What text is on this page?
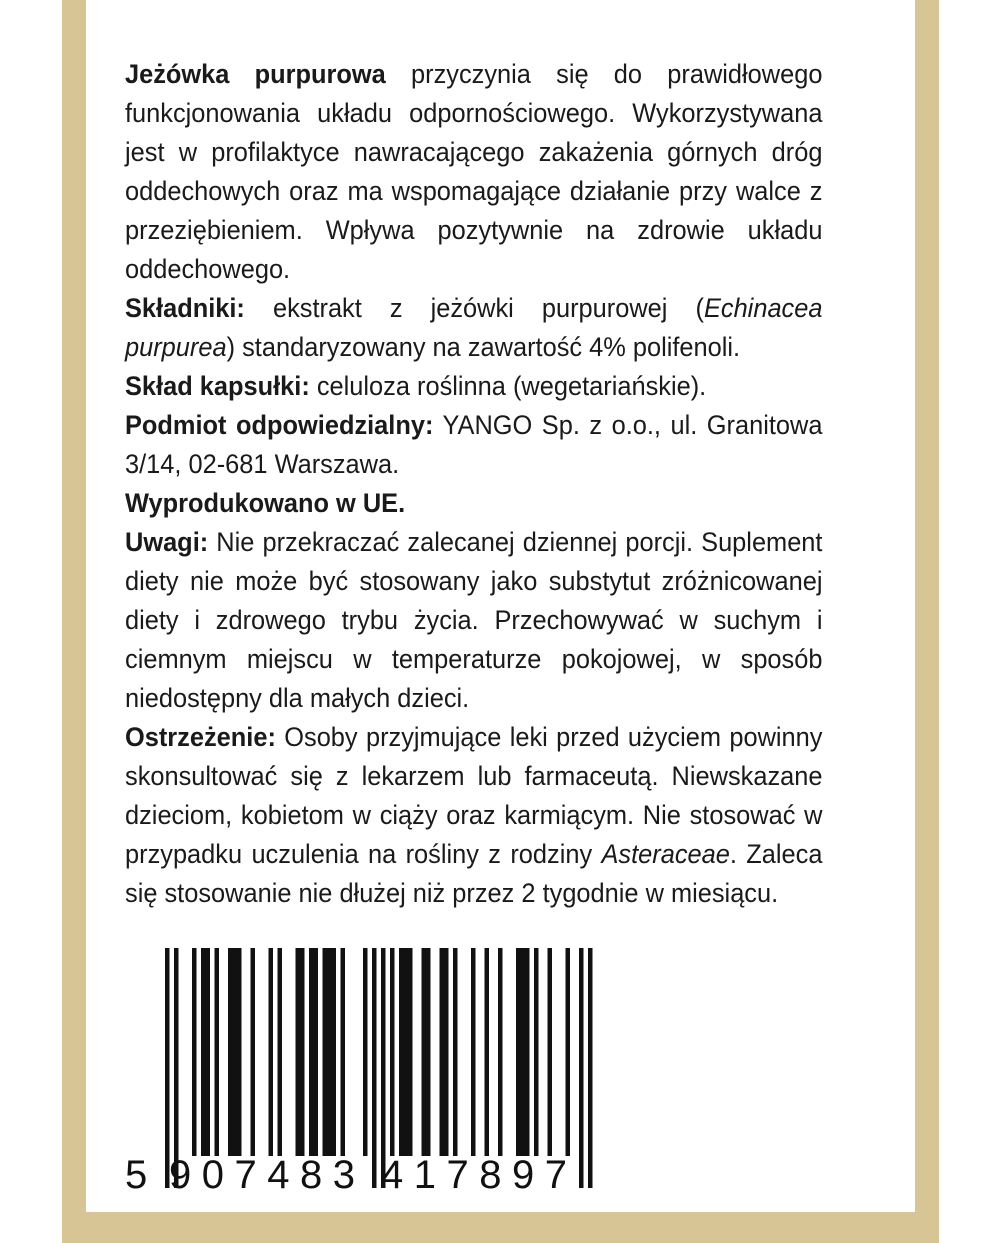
Jeżówka purpurowa przyczynia się do prawidłowego funkcjonowania układu odpornościowego. Wykorzystywana jest w profilaktyce nawracającego zakażenia górnych dróg oddechowych oraz ma wspomagające działanie przy walce z przeziębieniem. Wpływa pozytywnie na zdrowie układu oddechowego.

Składniki: ekstrakt z jeżówki purpurowej (Echinacea purpurea) standaryzowany na zawartość 4% polifenoli.

Skład kapsułki: celuloza roślinna (wegetariańskie).

Podmiot odpowiedzialny: YANGO Sp. z o.o., ul. Granitowa 3/14, 02-681 Warszawa.

Wyprodukowano w UE.

Uwagi: Nie przekraczać zalecanej dziennej porcji. Suplement diety nie może być stosowany jako substytut zróżnicowanej diety i zdrowego trybu życia. Przechowywać w suchym i ciemnym miejscu w temperaturze pokojowej, w sposób niedostępny dla małych dzieci.

Ostrzeżenie: Osoby przyjmujące leki przed użyciem powinny skonsultować się z lekarzem lub farmaceutą. Niewskazane dzieciom, kobietom w ciąży oraz karmiącym. Nie stosować w przypadku uczulenia na rośliny z rodziny Asteraceae. Zaleca się stosowanie nie dłużej niż przez 2 tygodnie w miesiącu.

5 907483 417897
